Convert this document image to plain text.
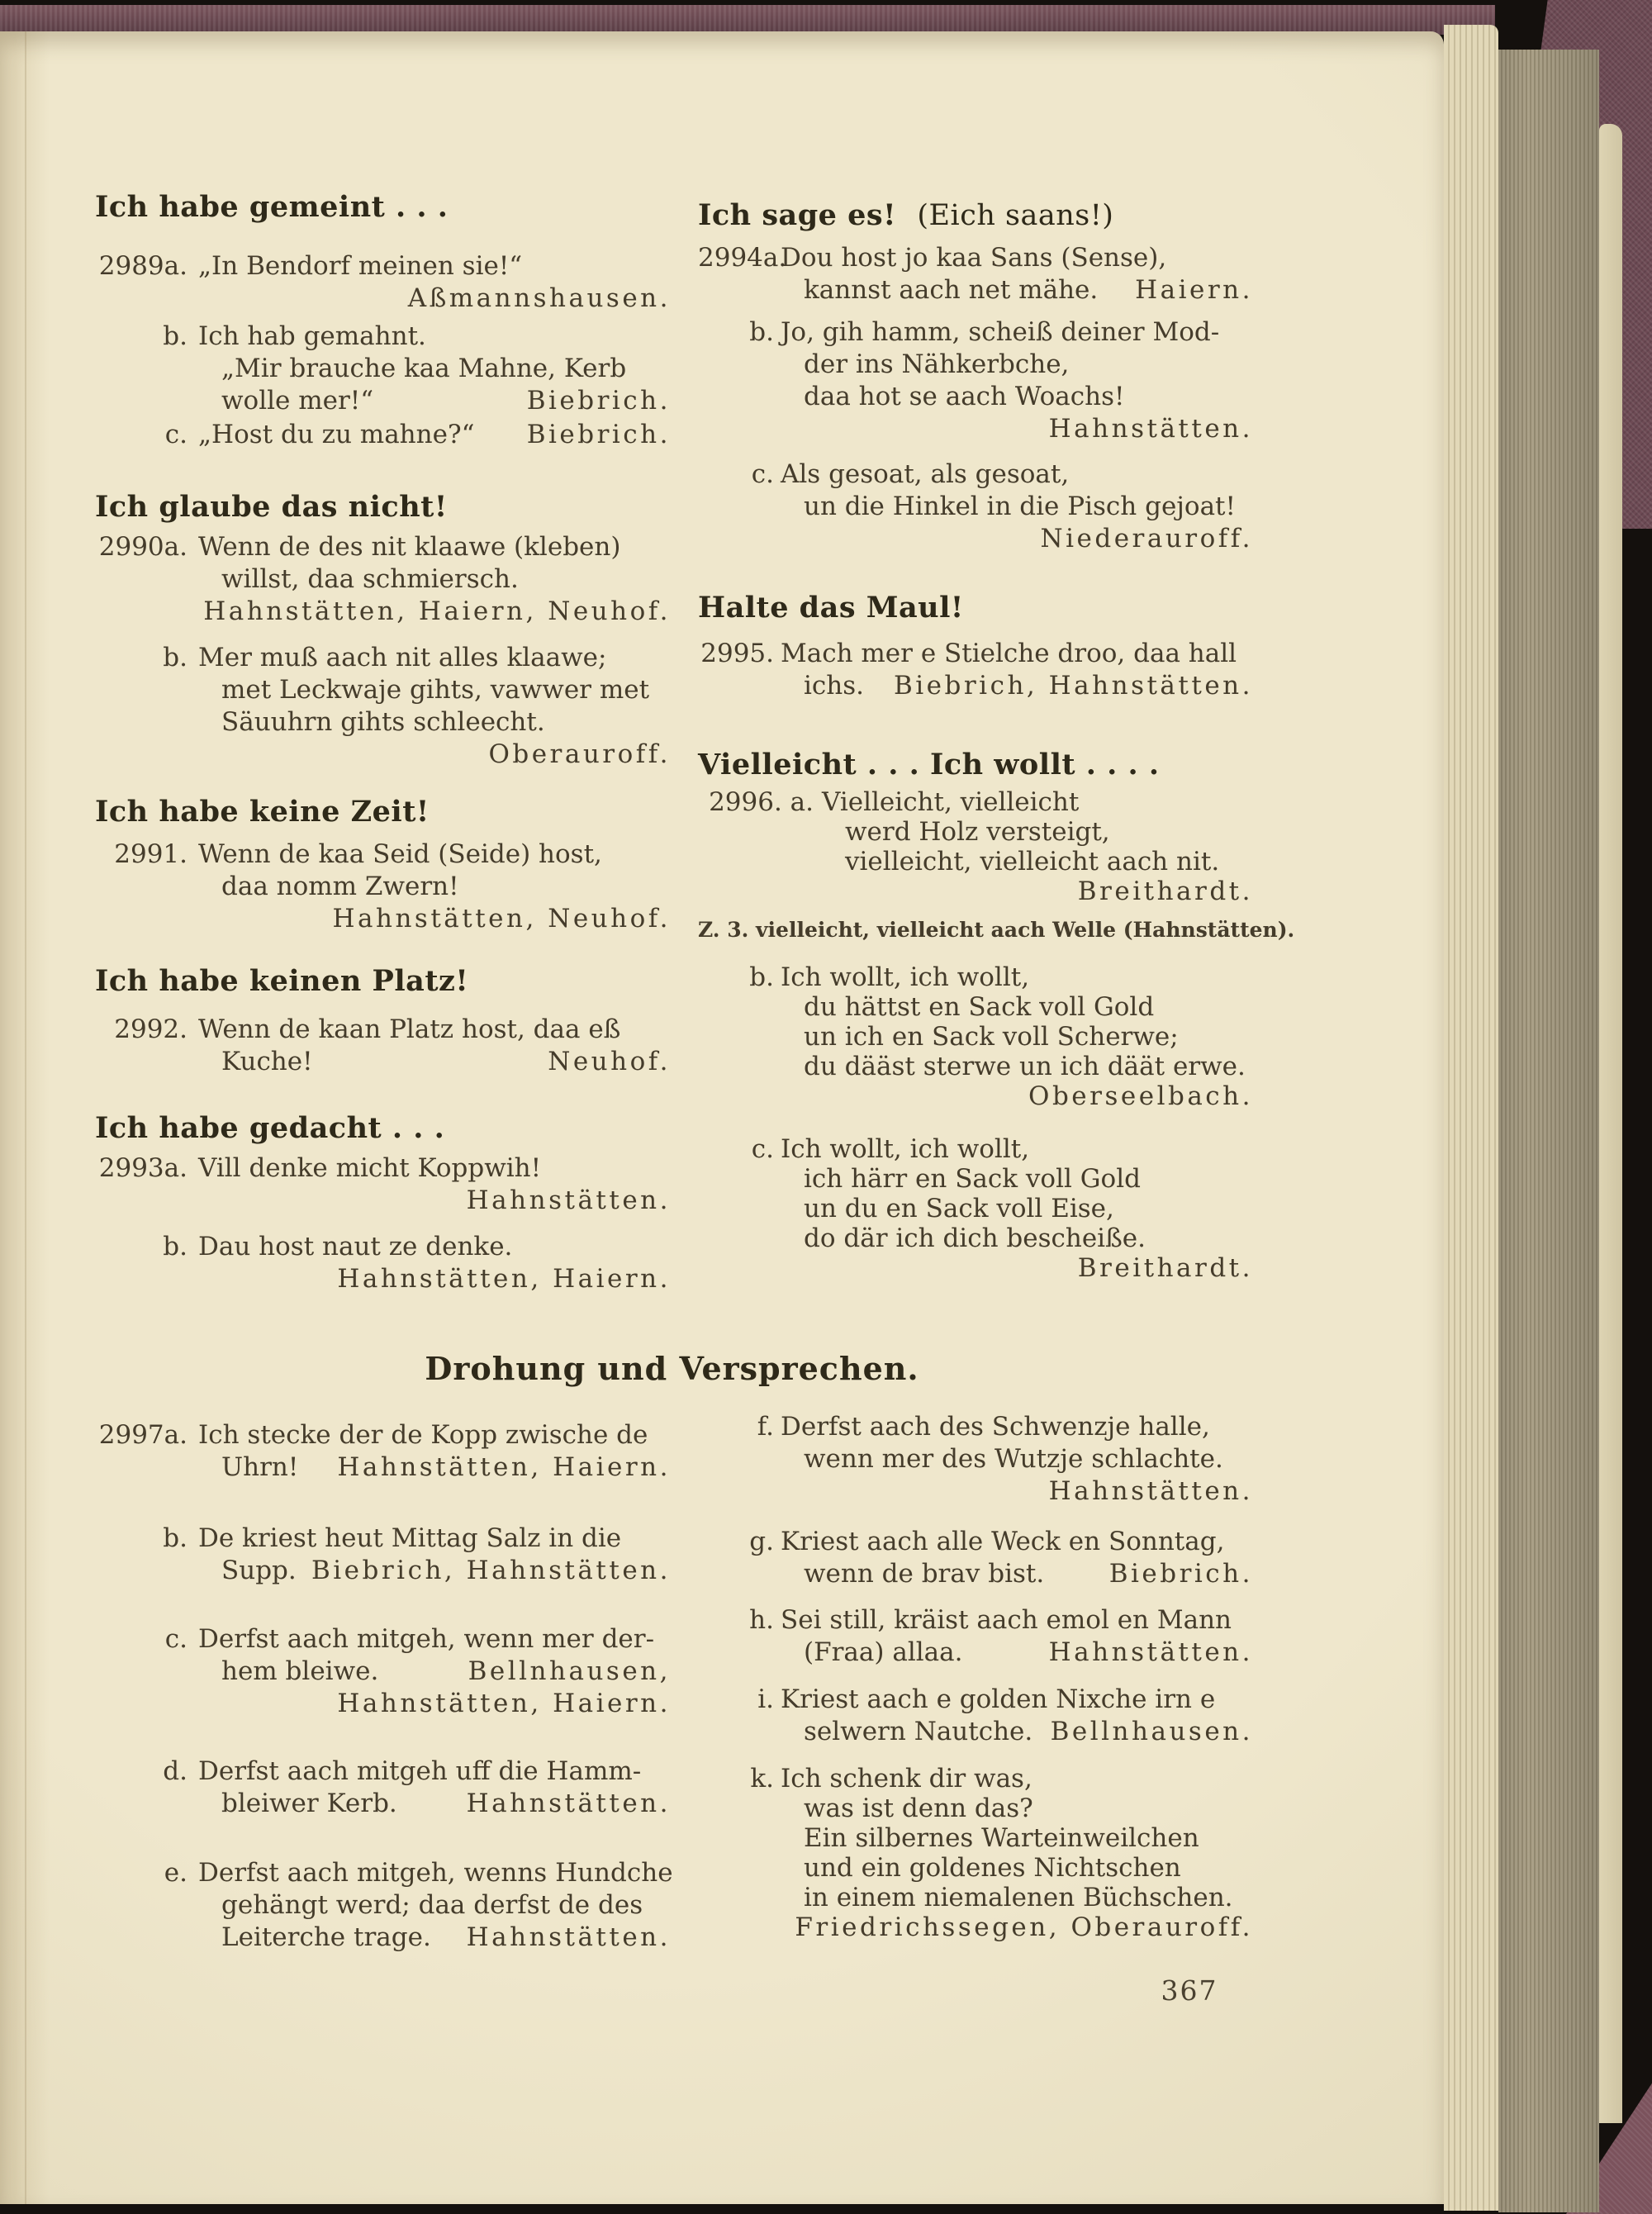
Ich habe gemeint . . .
Ich glaube das nicht!
Ich habe keine Zeit!
Ich habe keinen Platz!
Ich habe gedacht . . .
Ich sage es! (Eich saans!)
Halte das Maul!
Vielleicht . . . Ich wollt . . . .
2989a. „In Bendorf meinen sie!“
Aßmannshausen.
b. Ich hab gemahnt.
„Mir brauche kaa Mahne, Kerb
wolle mer!“	Biebrich.
c. „Host du zu mahne?“ Biebrich.
2990a. Wenn de des nit klaawe (kleben)
willst, daa schmiersch.
Hahnstätten, Haiern, Neuhof.
b. Mer muß aach nit alles klaawe;
met Leckwaje gihts, vawwer met
Säuuhrn gihts schleecht.
Oberauroff.
2991. Wenn de kaa Seid (Seide) host,
daa nomm Zwern!
Hahnstätten, Neuhof.
2992. Wenn de kaan Platz host, daa eß
Kuche!	Neuhof.
2993a. Vill denke micht Koppwih!
Hahnstätten.
b. Dau host naut ze denke.
Hahnstätten, Haiern.
2994a.
Dou host jo kaa Sans (Sense),
kannst aach net mähe. Haiern.
b. Jo, gih hamm, scheiß deiner Mod-
der ins Nähkerbche,
daa hot se aach Woachs!
Hahnstätten.
c. Als gesoat, als gesoat,
un die Hinkel in die Pisch gejoat!
Niederauroff.
2995. Mach mer e Stielche droo, daa hall
ichs. Biebrich, Hahnstätten.
2996. a. Vielleicht, vielleicht
werd Holz versteigt,
vielleicht, vielleicht aach nit.
Breithardt.
Z. 3. vielleicht, vielleicht aach Welle (Hahnstätten).
b. Ich wollt, ich wollt,
du hättst en Sack voll Gold
un ich en Sack voll Scherwe;
du dääst sterwe un ich däät erwe.
Oberseelbach.
c. Ich wollt, ich wollt,
ich härr en Sack voll Gold
un du en Sack voll Eise,
do där ich dich bescheiße.
Breithardt.
Drohung und Versprechen.
2997a. Ich stecke der de Kopp zwische de
Uhrn! Hahnstätten, Haiern.
b. De kriest heut Mittag Salz in die
Supp. Biebrich, Hahnstätten.
c. Derfst aach mitgeh, wenn mer der-
hem bleiwe.	Bellnhausen,
Hahnstätten, Haiern.
d. Derfst aach mitgeh uff die Hamm-
bleiwer Kerb.	Hahnstätten.
e. Derfst aach mitgeh, wenns Hundche
gehängt werd; daa derfst de des
Leiterche trage. Hahnstätten.
f. Derfst aach des Schwenzje halle,
wenn mer des Wutzje schlachte.
Hahnstätten.
g. Kriest aach alle Weck en Sonntag,
wenn de brav bist.	Biebrich.
h. Sei still, kräist aach emol en Mann
(Fraa) allaa.	Hahnstätten.
i. Kriest aach e golden Nixche irn e
selwern Nautche. Bellnhausen.
k. Ich schenk dir was,
was ist denn das?
Ein silbernes Warteinweilchen
und ein goldenes Nichtschen
in einem niemalenen Büchschen.
Friedrichssegen, Oberauroff.
367
